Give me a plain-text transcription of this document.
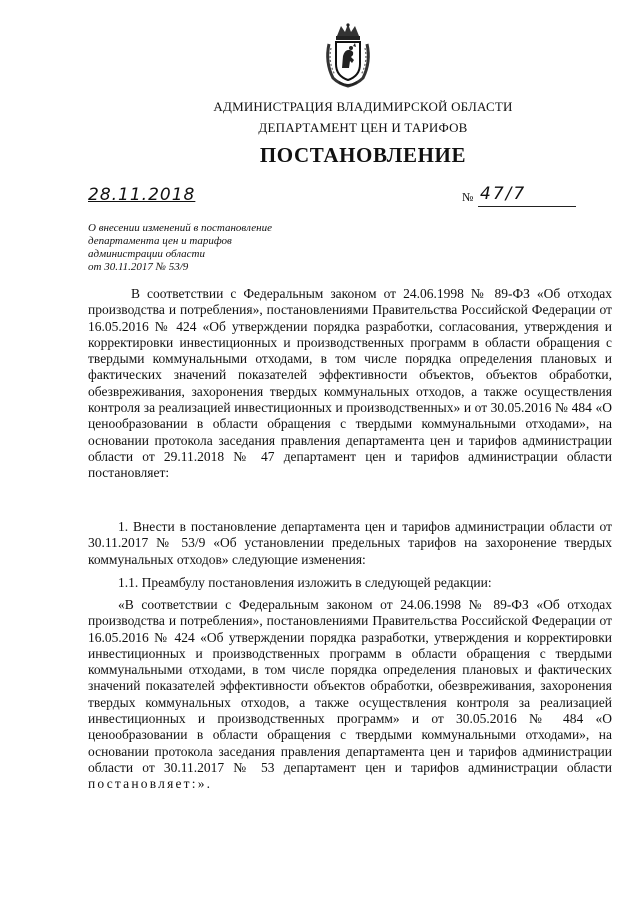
АДМИНИСТРАЦИЯ ВЛАДИМИРСКОЙ ОБЛАСТИ
ДЕПАРТАМЕНТ ЦЕН И ТАРИФОВ
ПОСТАНОВЛЕНИЕ
28.11.2018	№ 47/7
О внесении изменений в постановление
департамента цен и тарифов
администрации области
от 30.11.2017 № 53/9
В соответствии с Федеральным законом от 24.06.1998 № 89-ФЗ «Об отходах производства и потребления», постановлениями Правительства Российской Федерации от 16.05.2016 № 424 «Об утверждении порядка разработки, согласования, утверждения и корректировки инвестиционных и производственных программ в области обращения с твердыми коммунальными отходами, в том числе порядка определения плановых и фактических значений показателей эффективности объектов, объектов обработки, обезвреживания, захоронения твердых коммунальных отходов, а также осуществления контроля за реализацией инвестиционных и производственных» и от 30.05.2016 № 484 «О ценообразовании в области обращения с твердыми коммунальными отходами», на основании протокола заседания правления департамента цен и тарифов администрации области от 29.11.2018 № 47 департамент цен и тарифов администрации области постановляет:
1. Внести в постановление департамента цен и тарифов администрации области от 30.11.2017 № 53/9 «Об установлении предельных тарифов на захоронение твердых коммунальных отходов» следующие изменения:
1.1. Преамбулу постановления изложить в следующей редакции:
«В соответствии с Федеральным законом от 24.06.1998 № 89-ФЗ «Об отходах производства и потребления», постановлениями Правительства Российской Федерации от 16.05.2016 № 424 «Об утверждении порядка разработки, утверждения и корректировки инвестиционных и производственных программ в области обращения с твердыми коммунальными отходами, в том числе порядка определения плановых и фактических значений показателей эффективности объектов обработки, обезвреживания, захоронения твердых коммунальных отходов, а также осуществления контроля за реализацией инвестиционных и производственных программ» и от 30.05.2016 № 484 «О ценообразовании в области обращения с твердыми коммунальными отходами», на основании протокола заседания правления департамента цен и тарифов администрации области от 30.11.2017 № 53 департамент цен и тарифов администрации области постановляет:».
